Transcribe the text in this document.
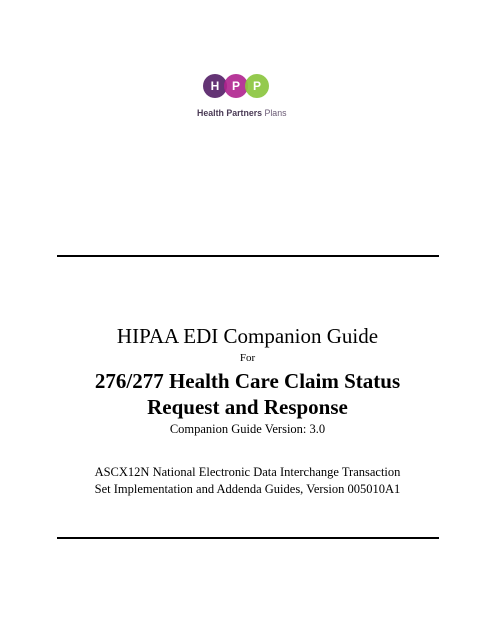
H	P	P
Health Partners Plans
HIPAA EDI Companion Guide
For
276/277 Health Care Claim Status
Request and Response
Companion Guide Version: 3.0
ASCX12N National Electronic Data Interchange Transaction
Set Implementation and Addenda Guides, Version 005010A1
